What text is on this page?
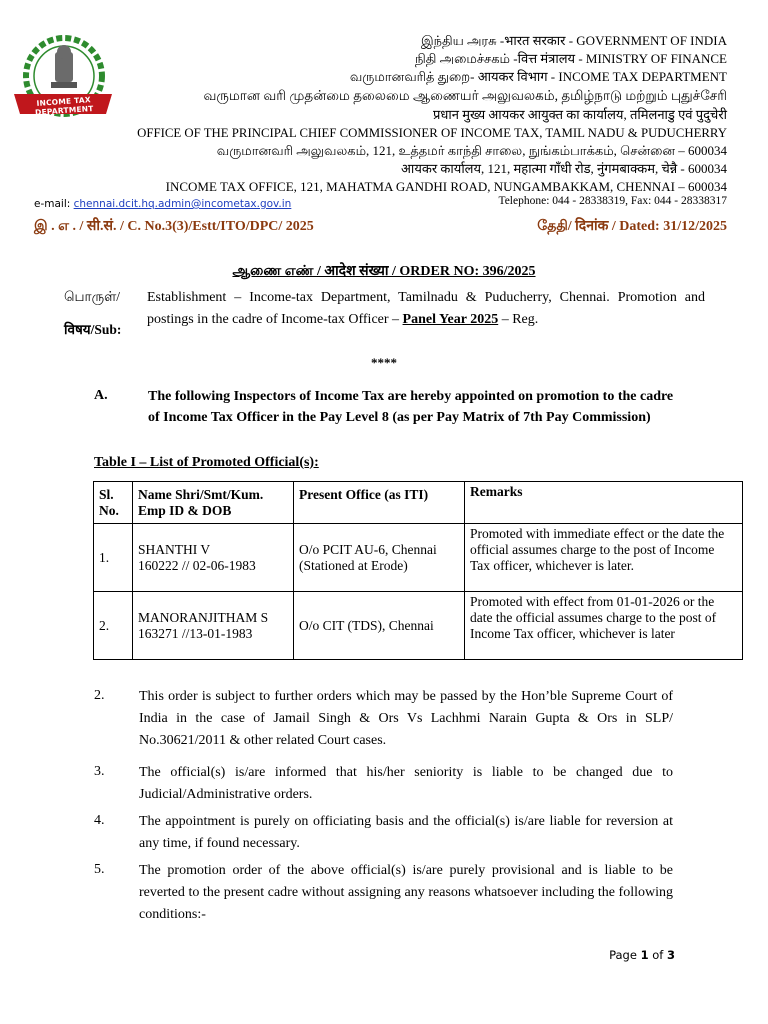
INCOME TAX DEPARTMENT
இந்திய அரசு -भारत सरकार - GOVERNMENT OF INDIA
நிதி அமைச்சகம் -वित्त मंत्रालय - MINISTRY OF FINANCE
வருமானவரித் துறை- आयकर विभाग - INCOME TAX DEPARTMENT
வருமான வரி முதன்மை தலைமை ஆணையர் அலுவலகம், தமிழ்நாடு மற்றும் புதுச்சேரி
प्रधान मुख्य आयकर आयुक्त का कार्यालय, तमिलनाडु एवं पुदुचेरी
OFFICE OF THE PRINCIPAL CHIEF COMMISSIONER OF INCOME TAX, TAMIL NADU & PUDUCHERRY
வருமானவரி அலுவலகம், 121, உத்தமர் காந்தி சாலை, நுங்கம்பாக்கம், சென்னை – 600034
आयकर कार्यालय, 121, महात्मा गाँधी रोड, नुंगमबाक्कम, चेन्नै - 600034
INCOME TAX OFFICE, 121, MAHATMA GANDHI ROAD, NUNGAMBAKKAM, CHENNAI – 600034
e-mail: chennai.dcit.hq.admin@incometax.gov.in	Telephone: 044 - 28338319, Fax: 044 - 28338317
இ . எ . / सी.सं. / C. No.3(3)/Estt/ITO/DPC/ 2025	தேதி/ दिनांक / Dated: 31/12/2025
ஆணை எண் / आदेश संख्या / ORDER NO: 396/2025
பொருள்/
विषय/Sub:
Establishment – Income-tax Department, Tamilnadu & Puducherry, Chennai. Promotion and postings in the cadre of Income-tax Officer – Panel Year 2025 – Reg.
****
A.	The following Inspectors of Income Tax are hereby appointed on promotion to the cadre of Income Tax Officer in the Pay Level 8 (as per Pay Matrix of 7th Pay Commission)
Table I – List of Promoted Official(s):
Sl. No.	Name Shri/Smt/Kum. Emp ID & DOB	Present Office (as ITI)	Remarks
1.	SHANTHI V
160222 // 02-06-1983	O/o PCIT AU-6, Chennai (Stationed at Erode)	Promoted with immediate effect or the date the official assumes charge to the post of Income Tax officer, whichever is later.
2.	MANORANJITHAM S
163271 //13-01-1983	O/o CIT (TDS), Chennai	Promoted with effect from 01-01-2026 or the date the official assumes charge to the post of Income Tax officer, whichever is later
2. This order is subject to further orders which may be passed by the Hon’ble Supreme Court of India in the case of Jamail Singh & Ors Vs Lachhmi Narain Gupta & Ors in SLP/ No.30621/2011 & other related Court cases.
3. The official(s) is/are informed that his/her seniority is liable to be changed due to Judicial/Administrative orders.
4. The appointment is purely on officiating basis and the official(s) is/are liable for reversion at any time, if found necessary.
5. The promotion order of the above official(s) is/are purely provisional and is liable to be reverted to the present cadre without assigning any reasons whatsoever including the following conditions:-
Page 1 of 3
